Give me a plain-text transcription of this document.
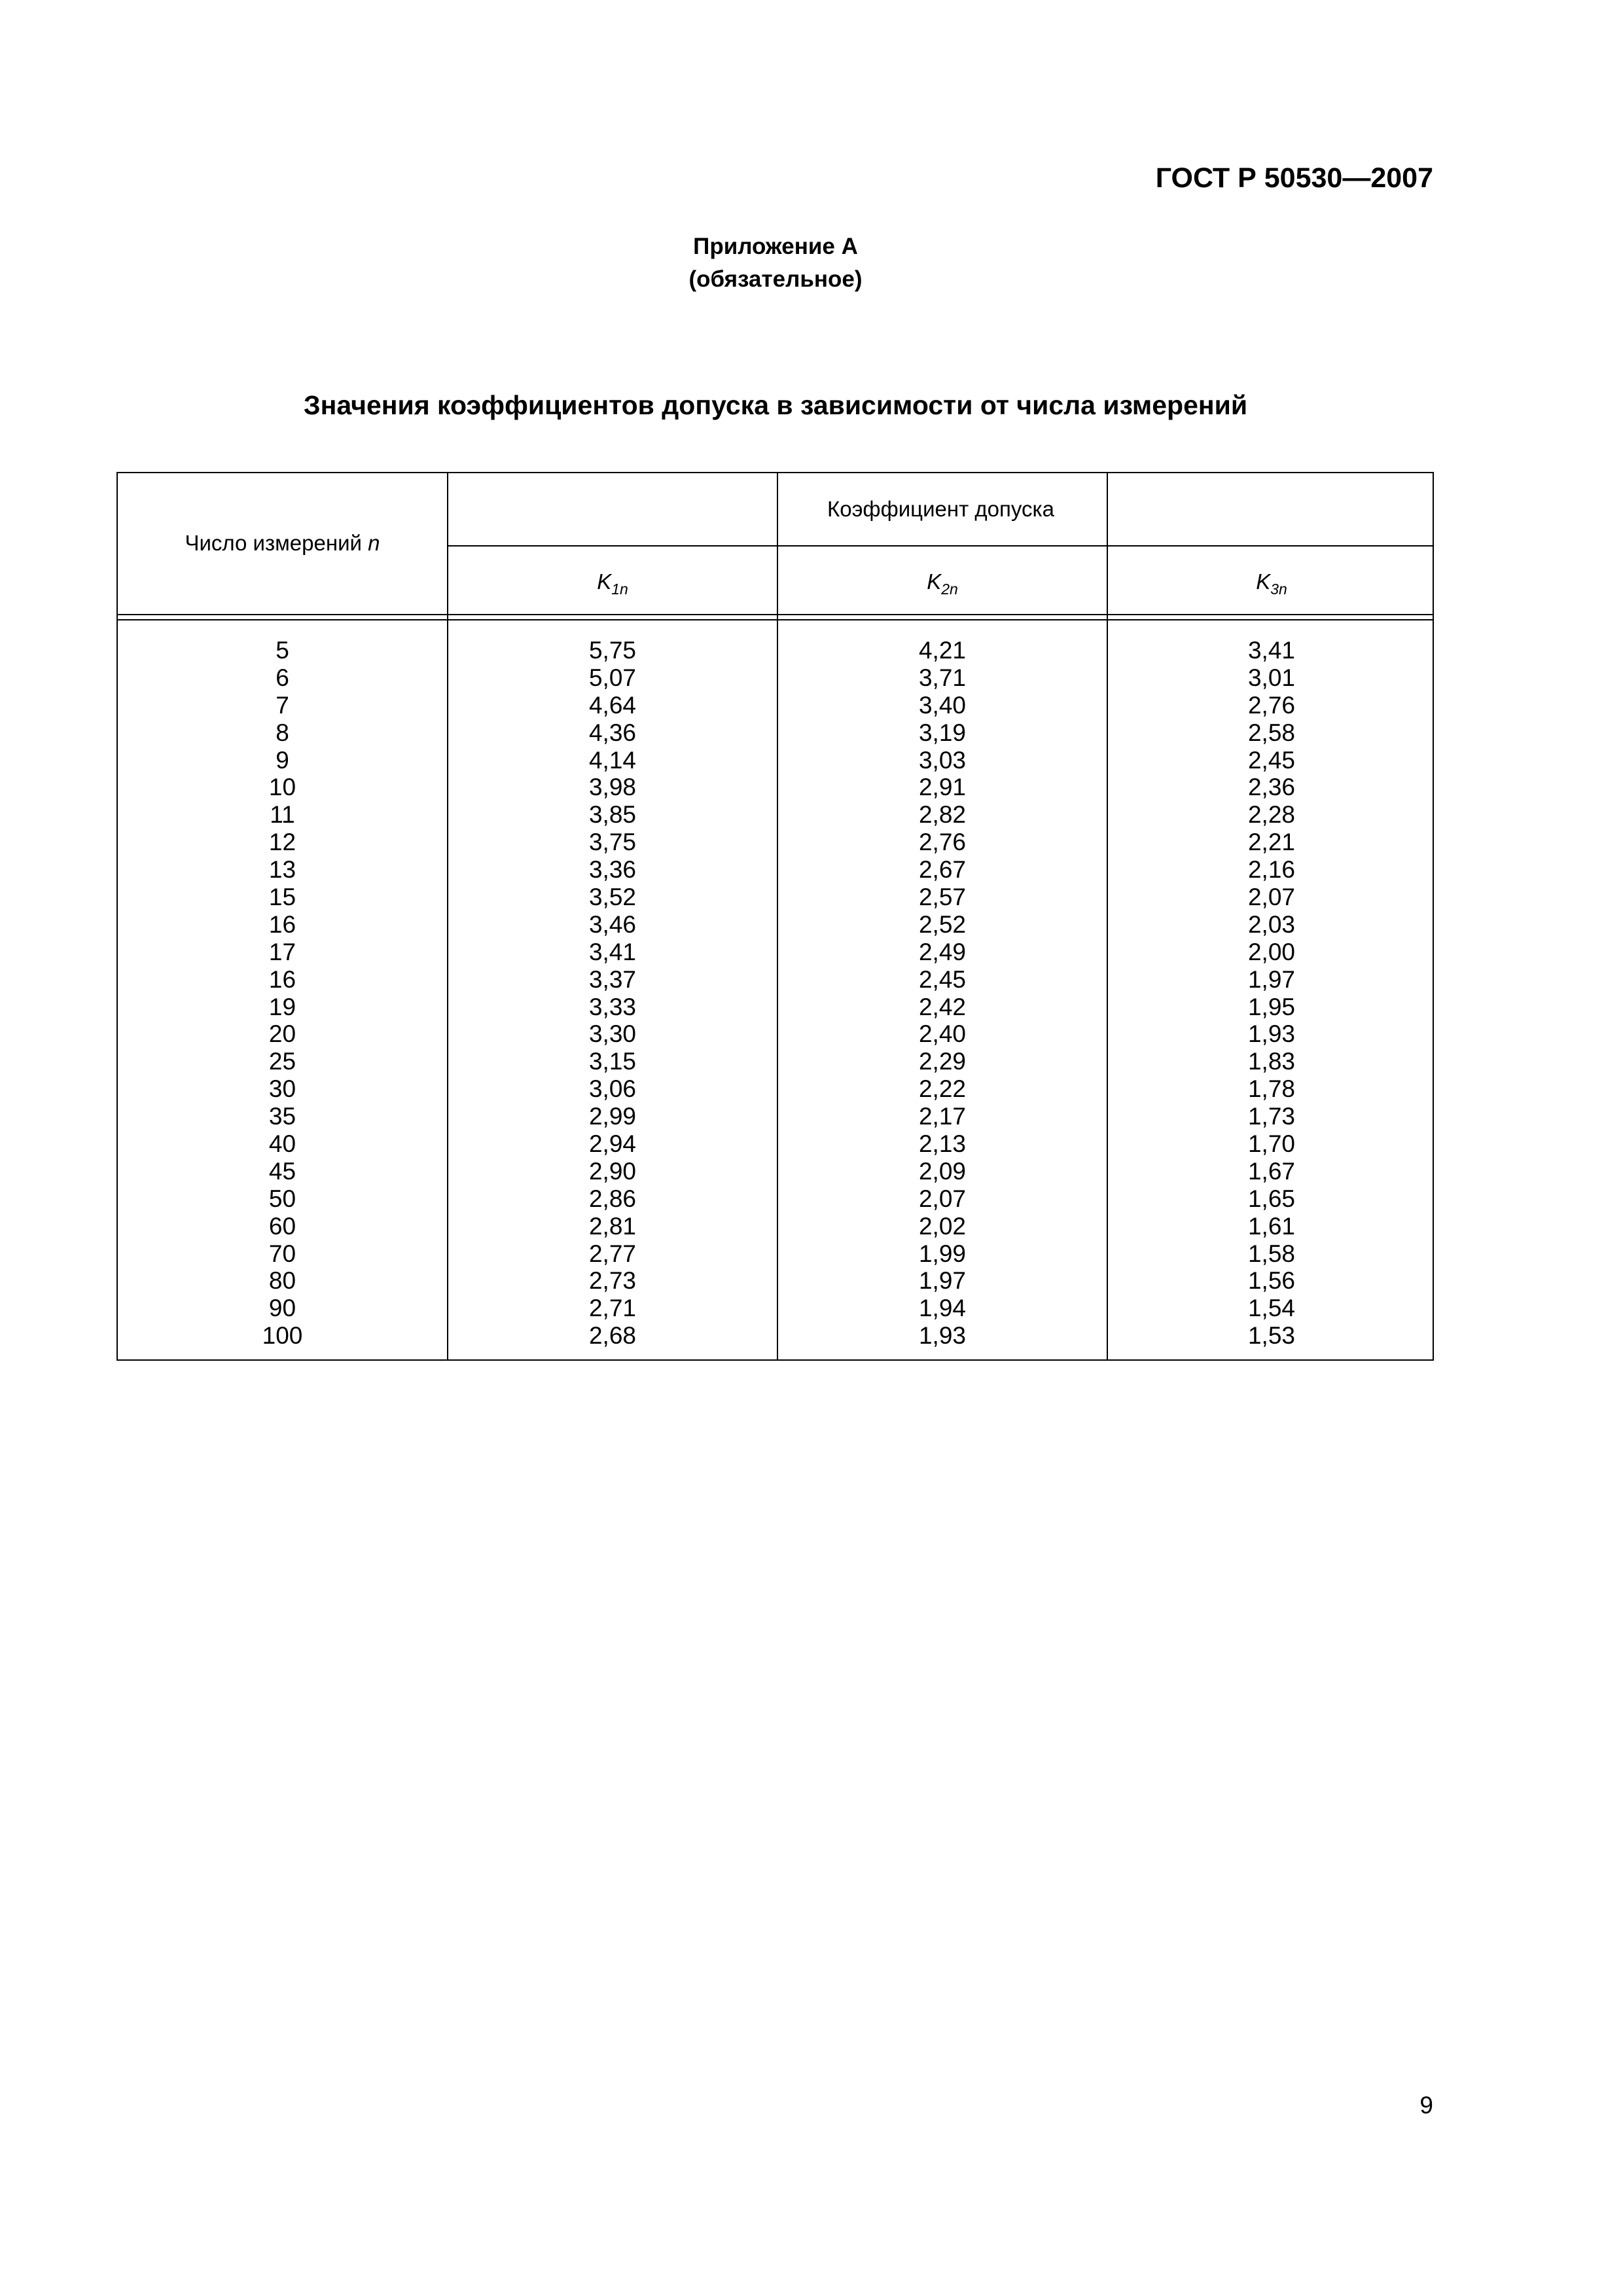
ГОСТ Р 50530—2007
Приложение А
(обязательное)
Значения коэффициентов допуска в зависимости от числа измерений
Число измерений n
Коэффициент допуска
$K_{1n}$	$K_{2n}$	$K_{3n}$
5
6
7
8
9
10
11
12
13
15
16
17
16
19
20
25
30
35
40
45
50
60
70
80
90
100
5,75
5,07
4,64
4,36
4,14
3,98
3,85
3,75
3,36
3,52
3,46
3,41
3,37
3,33
3,30
3,15
3,06
2,99
2,94
2,90
2,86
2,81
2,77
2,73
2,71
2,68
4,21
3,71
3,40
3,19
3,03
2,91
2,82
2,76
2,67
2,57
2,52
2,49
2,45
2,42
2,40
2,29
2,22
2,17
2,13
2,09
2,07
2,02
1,99
1,97
1,94
1,93
3,41
3,01
2,76
2,58
2,45
2,36
2,28
2,21
2,16
2,07
2,03
2,00
1,97
1,95
1,93
1,83
1,78
1,73
1,70
1,67
1,65
1,61
1,58
1,56
1,54
1,53
9
